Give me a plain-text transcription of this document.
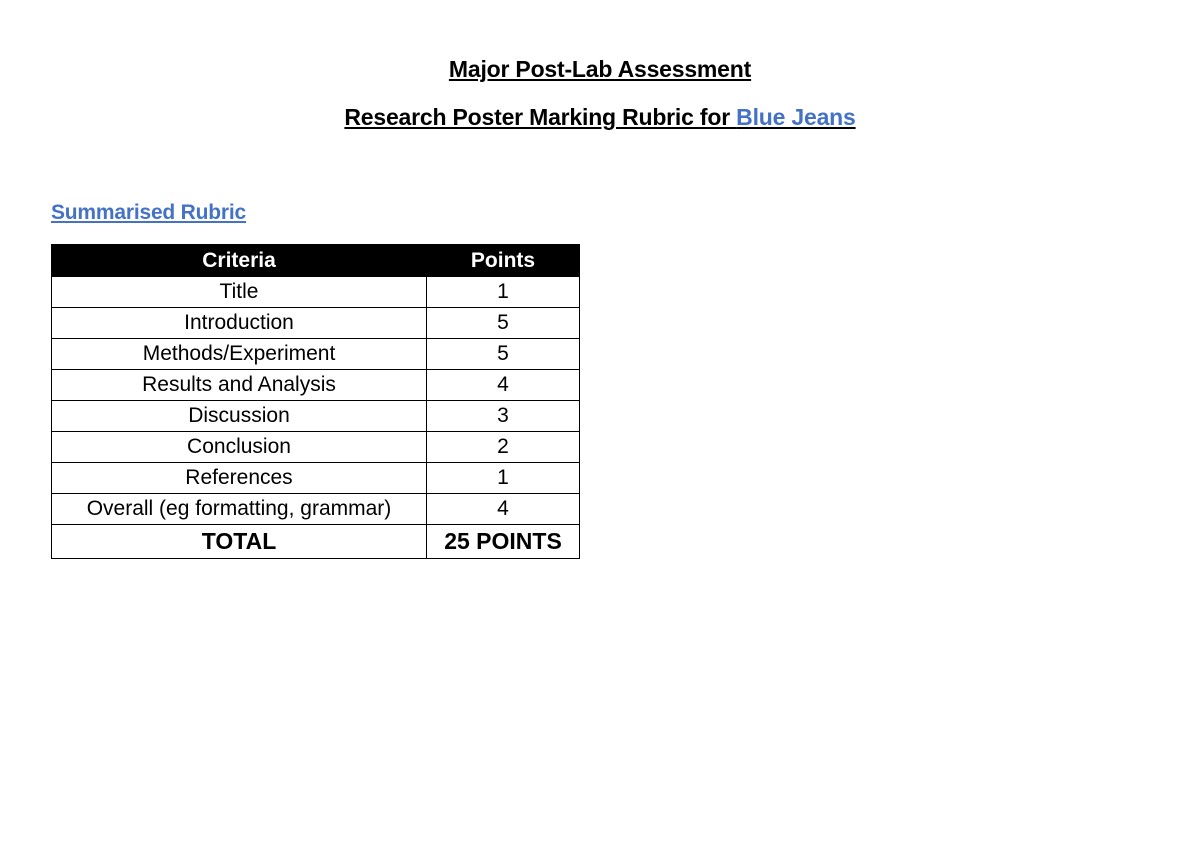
Major Post-Lab Assessment
Research Poster Marking Rubric for Blue Jeans
Summarised Rubric
Criteria	Points
Title	1
Introduction	5
Methods/Experiment	5
Results and Analysis	4
Discussion	3
Conclusion	2
References	1
Overall (eg formatting, grammar)	4
TOTAL	25 POINTS
